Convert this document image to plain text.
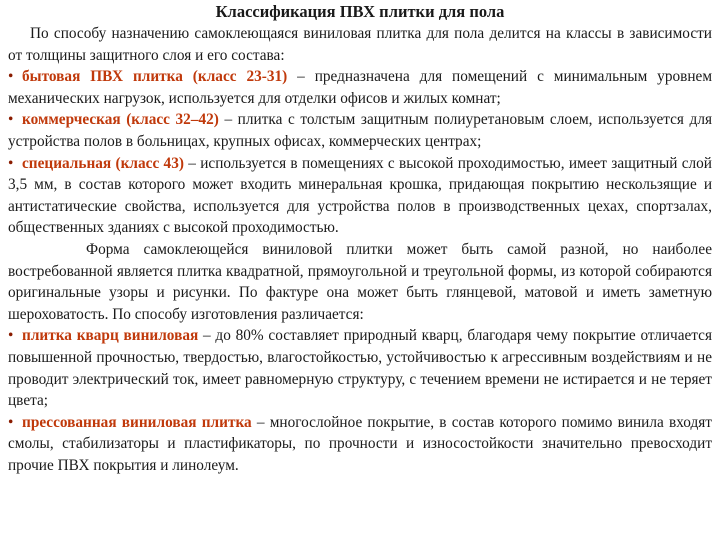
Классификация ПВХ плитки для пола

По способу назначению самоклеющаяся виниловая плитка для пола делится на классы в зависимости от толщины защитного слоя и его состава:

• бытовая ПВХ плитка (класс 23-31) – предназначена для помещений с минимальным уровнем механических нагрузок, используется для отделки офисов и жилых комнат;

• коммерческая (класс 32–42) – плитка с толстым защитным полиуретановым слоем, используется для устройства полов в больницах, крупных офисах, коммерческих центрах;

• специальная (класс 43) – используется в помещениях с высокой проходимостью, имеет защитный слой 3,5 мм, в состав которого может входить минеральная крошка, придающая покрытию нескользящие и антистатические свойства, используется для устройства полов в производственных цехах, спортзалах, общественных зданиях с высокой проходимостью.

Форма самоклеющейся виниловой плитки может быть самой разной, но наиболее востребованной является плитка квадратной, прямоугольной и треугольной формы, из которой собираются оригинальные узоры и рисунки. По фактуре она может быть глянцевой, матовой и иметь заметную шероховатость. По способу изготовления различается:

• плитка кварц виниловая – до 80% составляет природный кварц, благодаря чему покрытие отличается повышенной прочностью, твердостью, влагостойкостью, устойчивостью к агрессивным воздействиям и не проводит электрический ток, имеет равномерную структуру, с течением времени не истирается и не теряет цвета;

• прессованная виниловая плитка – многослойное покрытие, в состав которого помимо винила входят смолы, стабилизаторы и пластификаторы, по прочности и износостойкости значительно превосходит прочие ПВХ покрытия и линолеум.
